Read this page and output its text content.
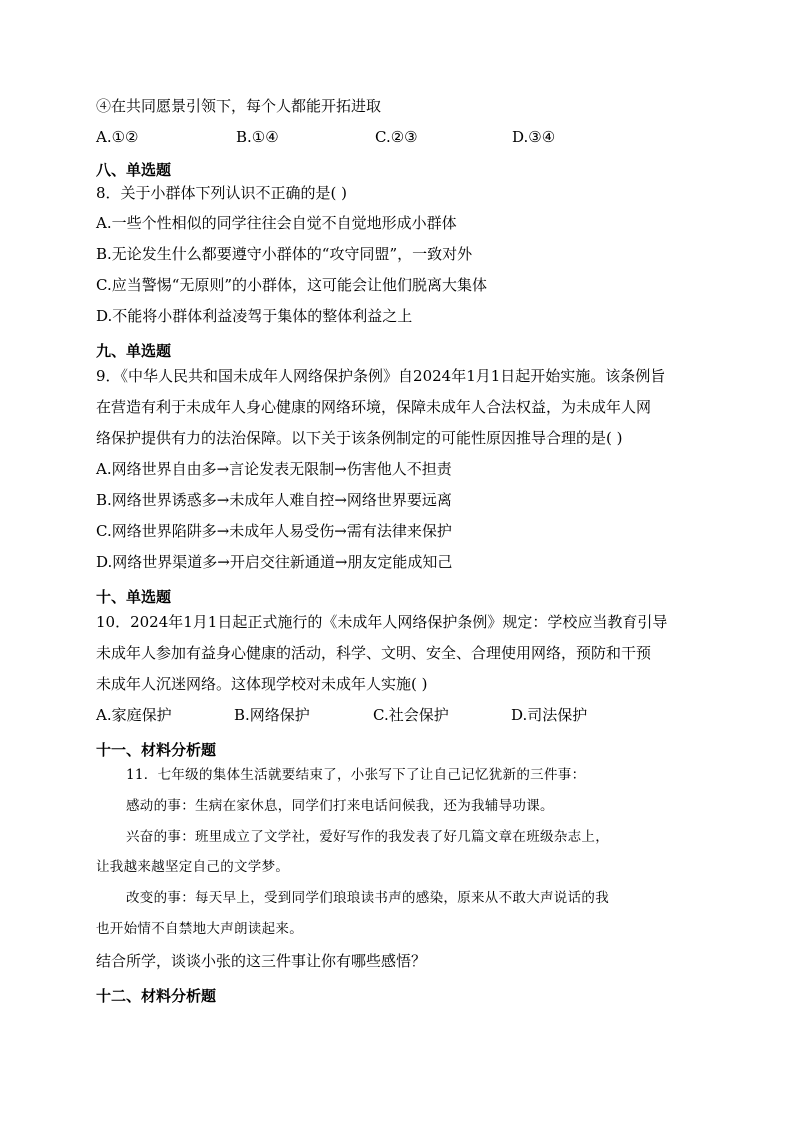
④在共同愿景引领下，每个人都能开拓进取
A.①②	B.①④	C.②③	D.③④
八、单选题
8．关于小群体下列认识不正确的是( )
A.一些个性相似的同学往往会自觉不自觉地形成小群体
B.无论发生什么都要遵守小群体的“攻守同盟”，一致对外
C.应当警惕“无原则”的小群体，这可能会让他们脱离大集体
D.不能将小群体利益凌驾于集体的整体利益之上
九、单选题
9．《中华人民共和国未成年人网络保护条例》自2024年1月1日起开始实施。该条例旨
在营造有利于未成年人身心健康的网络环境，保障未成年人合法权益，为未成年人网
络保护提供有力的法治保障。以下关于该条例制定的可能性原因推导合理的是( )
A.网络世界自由多→言论发表无限制→伤害他人不担责
B.网络世界诱惑多→未成年人难自控→网络世界要远离
C.网络世界陷阱多→未成年人易受伤→需有法律来保护
D.网络世界渠道多→开启交往新通道→朋友定能成知己
十、单选题
10．2024年1月1日起正式施行的《未成年人网络保护条例》规定：学校应当教育引导
未成年人参加有益身心健康的活动，科学、文明、安全、合理使用网络，预防和干预
未成年人沉迷网络。这体现学校对未成年人实施( )
A.家庭保护	B.网络保护	C.社会保护	D.司法保护
十一、材料分析题
11．七年级的集体生活就要结束了，小张写下了让自己记忆犹新的三件事：
感动的事：生病在家休息，同学们打来电话问候我，还为我辅导功课。
兴奋的事：班里成立了文学社，爱好写作的我发表了好几篇文章在班级杂志上，
让我越来越坚定自己的文学梦。
改变的事：每天早上，受到同学们琅琅读书声的感染，原来从不敢大声说话的我
也开始情不自禁地大声朗读起来。
结合所学，谈谈小张的这三件事让你有哪些感悟？
十二、材料分析题
